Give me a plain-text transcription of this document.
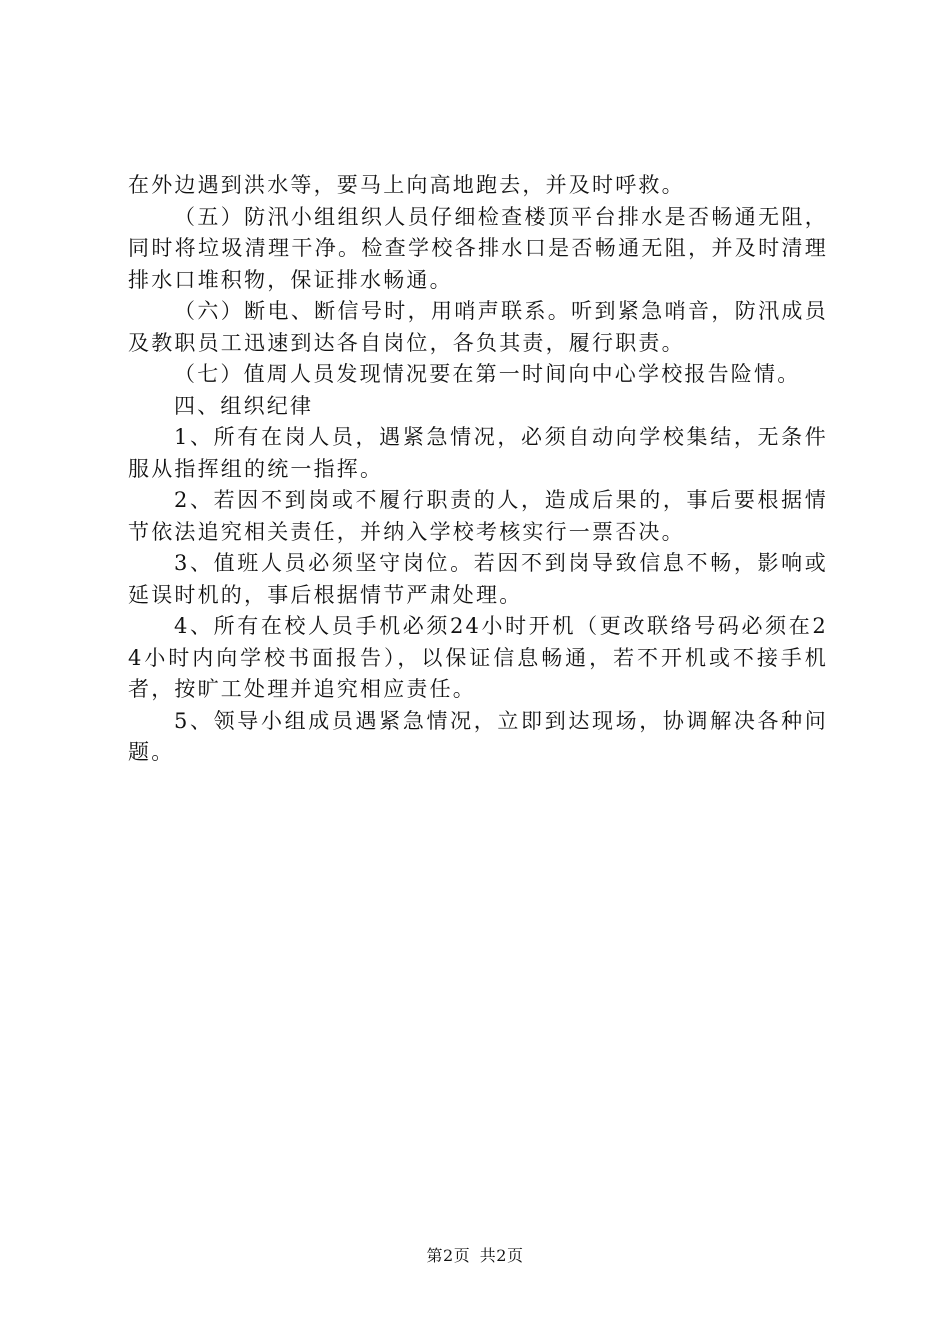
在外边遇到洪水等，要马上向高地跑去，并及时呼救。

（五）防汛小组组织人员仔细检查楼顶平台排水是否畅通无阻，同时将垃圾清理干净。检查学校各排水口是否畅通无阻，并及时清理排水口堆积物，保证排水畅通。

（六）断电、断信号时，用哨声联系。听到紧急哨音，防汛成员及教职员工迅速到达各自岗位，各负其责，履行职责。

（七）值周人员发现情况要在第一时间向中心学校报告险情。

四、组织纪律

1、所有在岗人员，遇紧急情况，必须自动向学校集结，无条件服从指挥组的统一指挥。

2、若因不到岗或不履行职责的人，造成后果的，事后要根据情节依法追究相关责任，并纳入学校考核实行一票否决。

3、值班人员必须坚守岗位。若因不到岗导致信息不畅，影响或延误时机的，事后根据情节严肃处理。

4、所有在校人员手机必须24小时开机（更改联络号码必须在24小时内向学校书面报告），以保证信息畅通，若不开机或不接手机者，按旷工处理并追究相应责任。

5、领导小组成员遇紧急情况，立即到达现场，协调解决各种问题。

第2页 共2页
